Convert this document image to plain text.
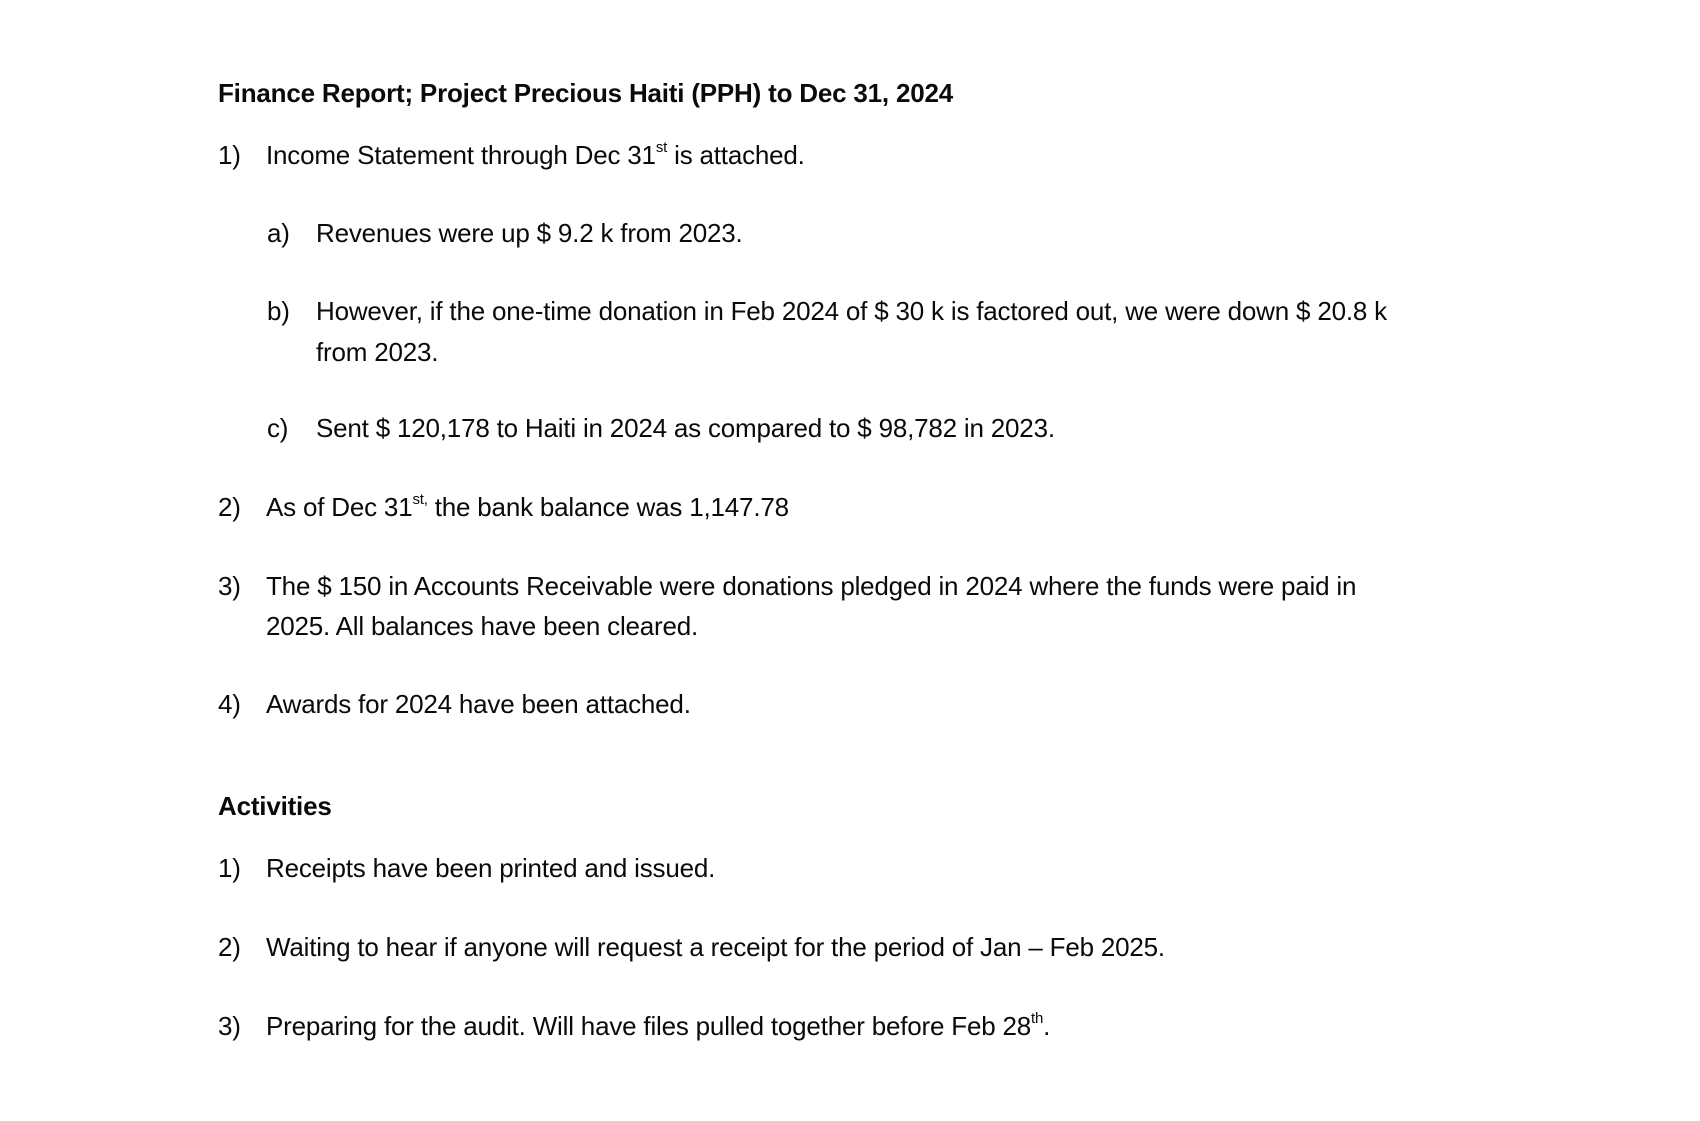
Finance Report; Project Precious Haiti (PPH) to Dec 31, 2024
1) Income Statement through Dec 31st is attached.
a)	Revenues were up $ 9.2 k from 2023.
b)	However, if the one-time donation in Feb 2024 of $ 30 k is factored out, we were down $ 20.8 k
from 2023.
c)	Sent $ 120,178 to Haiti in 2024 as compared to $ 98,782 in 2023.
2) As of Dec $31^{st,}$ the bank balance was 1,147.78
3) The $ 150 in Accounts Receivable were donations pledged in 2024 where the funds were paid in
2025. All balances have been cleared.
4) Awards for 2024 have been attached.
Activities
1) Receipts have been printed and issued.
2) Waiting to hear if anyone will request a receipt for the period of Jan – Feb 2025.
3) Preparing for the audit. Will have files pulled together before Feb 28th.
